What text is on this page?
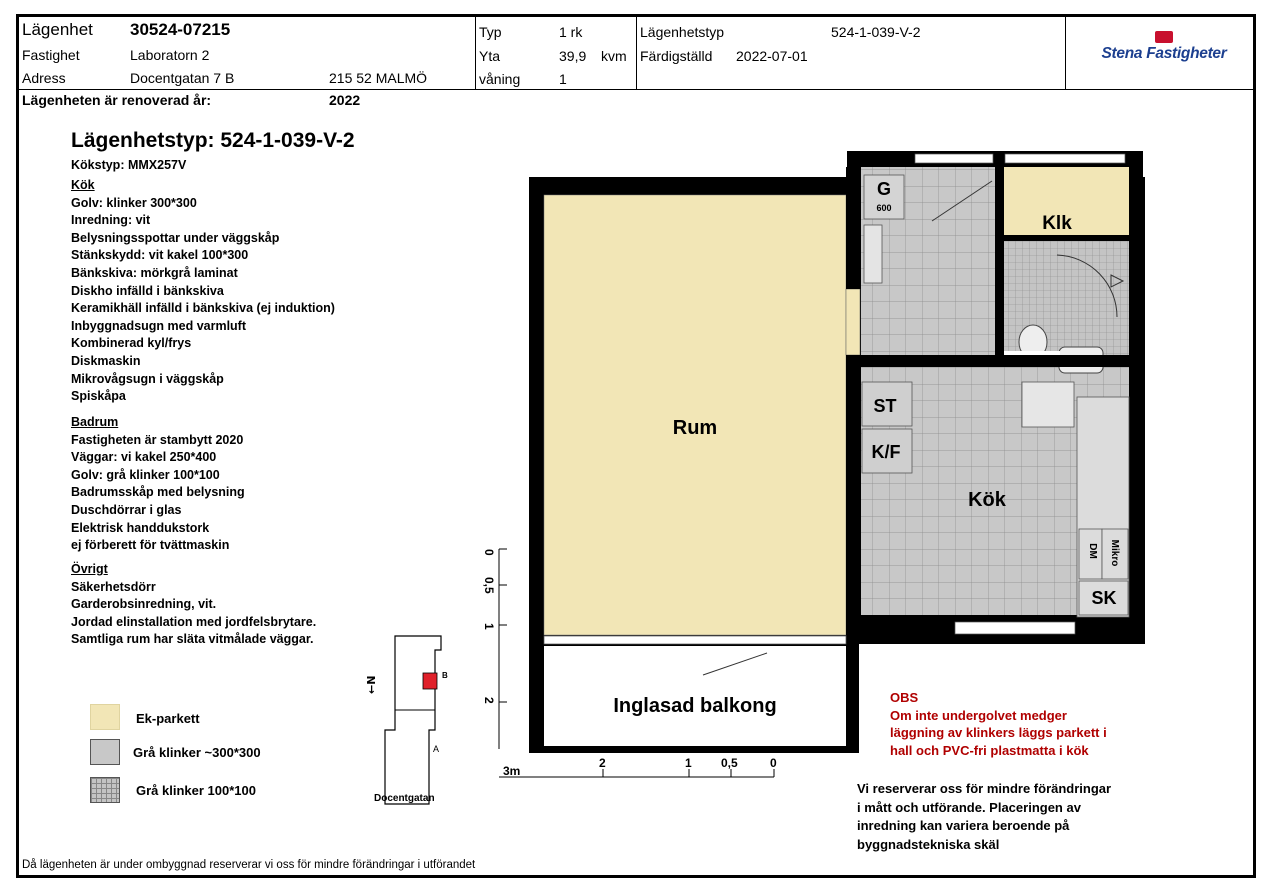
Lägenhet 30524-07215
Fastighet	Laboratorn 2
Adress	Docentgatan 7 B	215 52 MALMÖ
Lägenheten är renoverad år:	2022
Typ	1 rk
Yta	39,9 kvm
våning	1
Lägenhetstyp	524-1-039-V-2
Färdigställd 2022-07-01	Stena Fastigheter
Lägenhetstyp: 524-1-039-V-2
Kökstyp: MMX257V
Kök
Golv: klinker 300*300
Inredning: vit
Belysningsspottar under väggskåp
Stänkskydd: vit kakel 100*300
Bänkskiva: mörkgrå laminat
Diskho infälld i bänkskiva
Keramikhäll infälld i bänkskiva (ej induktion)
Inbyggnadsugn med varmluft
Kombinerad kyl/frys
Diskmaskin
Mikrovågsugn i väggskåp
Spiskåpa
Badrum
Fastigheten är stambytt 2020
Väggar: vi kakel 250*400
Golv: grå klinker 100*100
Badrumsskåp med belysning
Duschdörrar i glas
Elektrisk handdukstork
ej förberett för tvättmaskin
Övrigt
Säkerhetsdörr
Garderobsinredning, vit.
Jordad elinstallation med jordfelsbrytare.
Samtliga rum har släta vitmålade väggar.
Ek-parkett
Grå klinker ~300*300
Grå klinker 100*100
←N
B
A
Docentgatan
Rum
Inglasad balkong
Kök
Klk
G
600
ST
K/F
DM Mikro
SK
0
0,5
1
2
3m
2	1 0,5	0
OBS
Om inte undergolvet medger
läggning av klinkers läggs parkett i
hall och PVC-fri plastmatta i kök
Vi reserverar oss för mindre förändringar
i mått och utförande. Placeringen av
inredning kan variera beroende på
byggnadstekniska skäl
Då lägenheten är under ombyggnad reserverar vi oss för mindre förändringar i utförandet
